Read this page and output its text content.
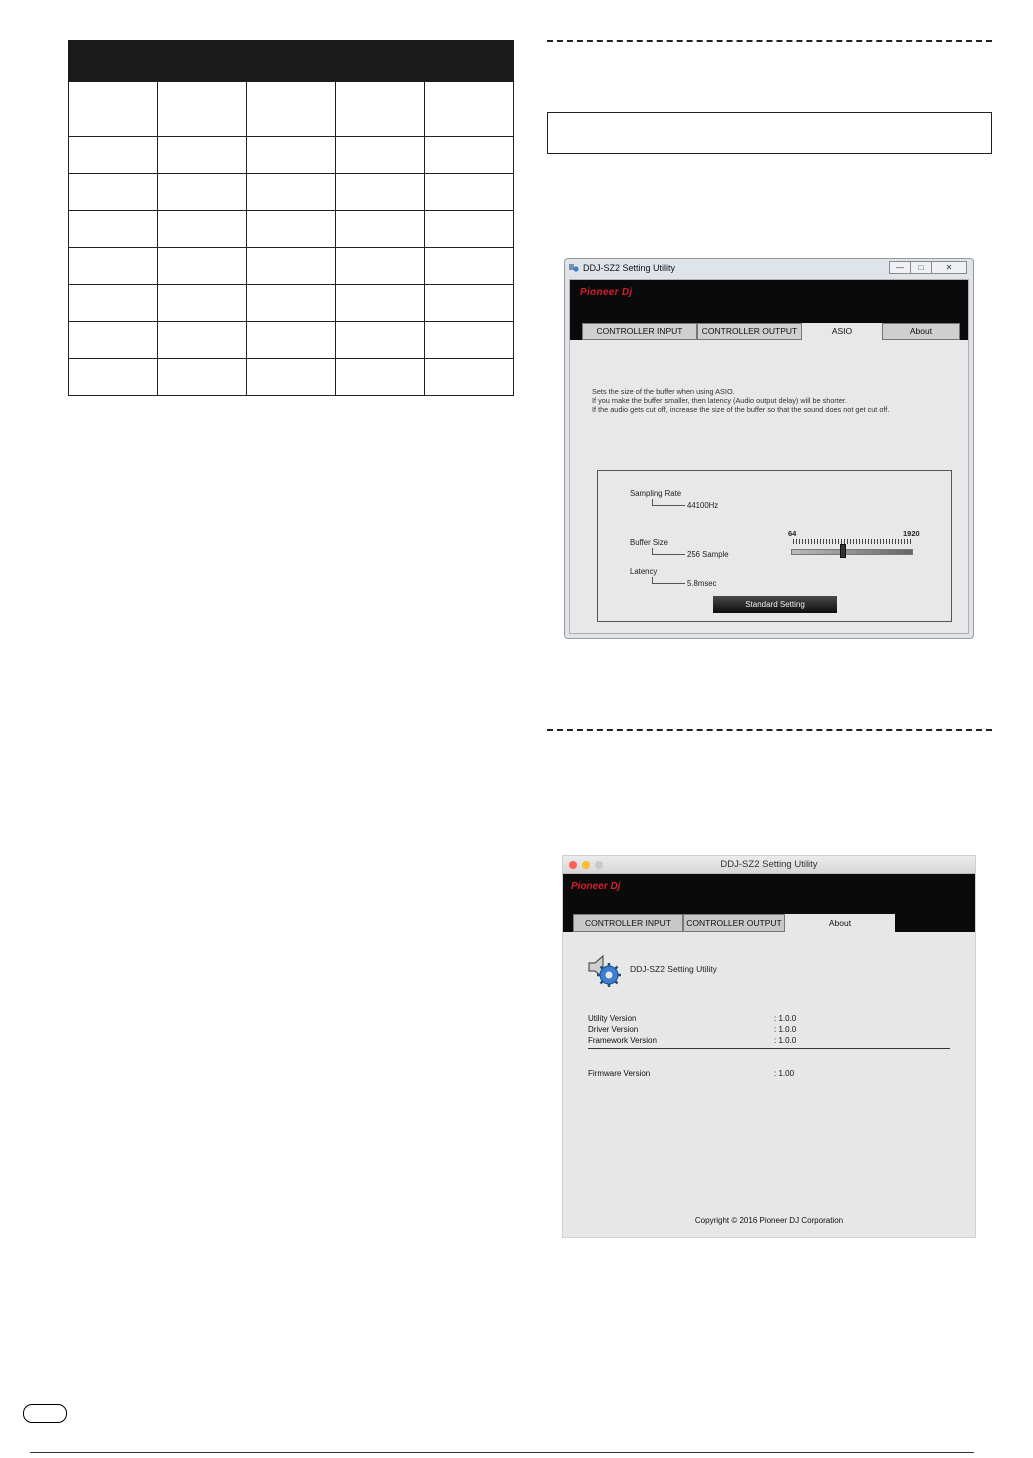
DDJ-SZ2 Setting Utility	—	□	✕
Pioneer Dj
CONTROLLER INPUT	CONTROLLER OUTPUT	ASIO	About
Sets the size of the buffer when using ASIO.
If you make the buffer smaller, then latency (Audio output delay) will be shorter.
If the audio gets cut off, increase the size of the buffer so that the sound does not get cut off.
Sampling Rate
44100Hz
Buffer Size
256 Sample
Latency
5.8msec
64	1920
Standard Setting
DDJ-SZ2 Setting Utility
Pioneer Dj
CONTROLLER INPUT	CONTROLLER OUTPUT	About
DDJ-SZ2 Setting Utility
Utility Version	: 1.0.0
Driver Version	: 1.0.0
Framework Version	: 1.0.0
Firmware Version	: 1.00
Copyright © 2016 Pioneer DJ Corporation
